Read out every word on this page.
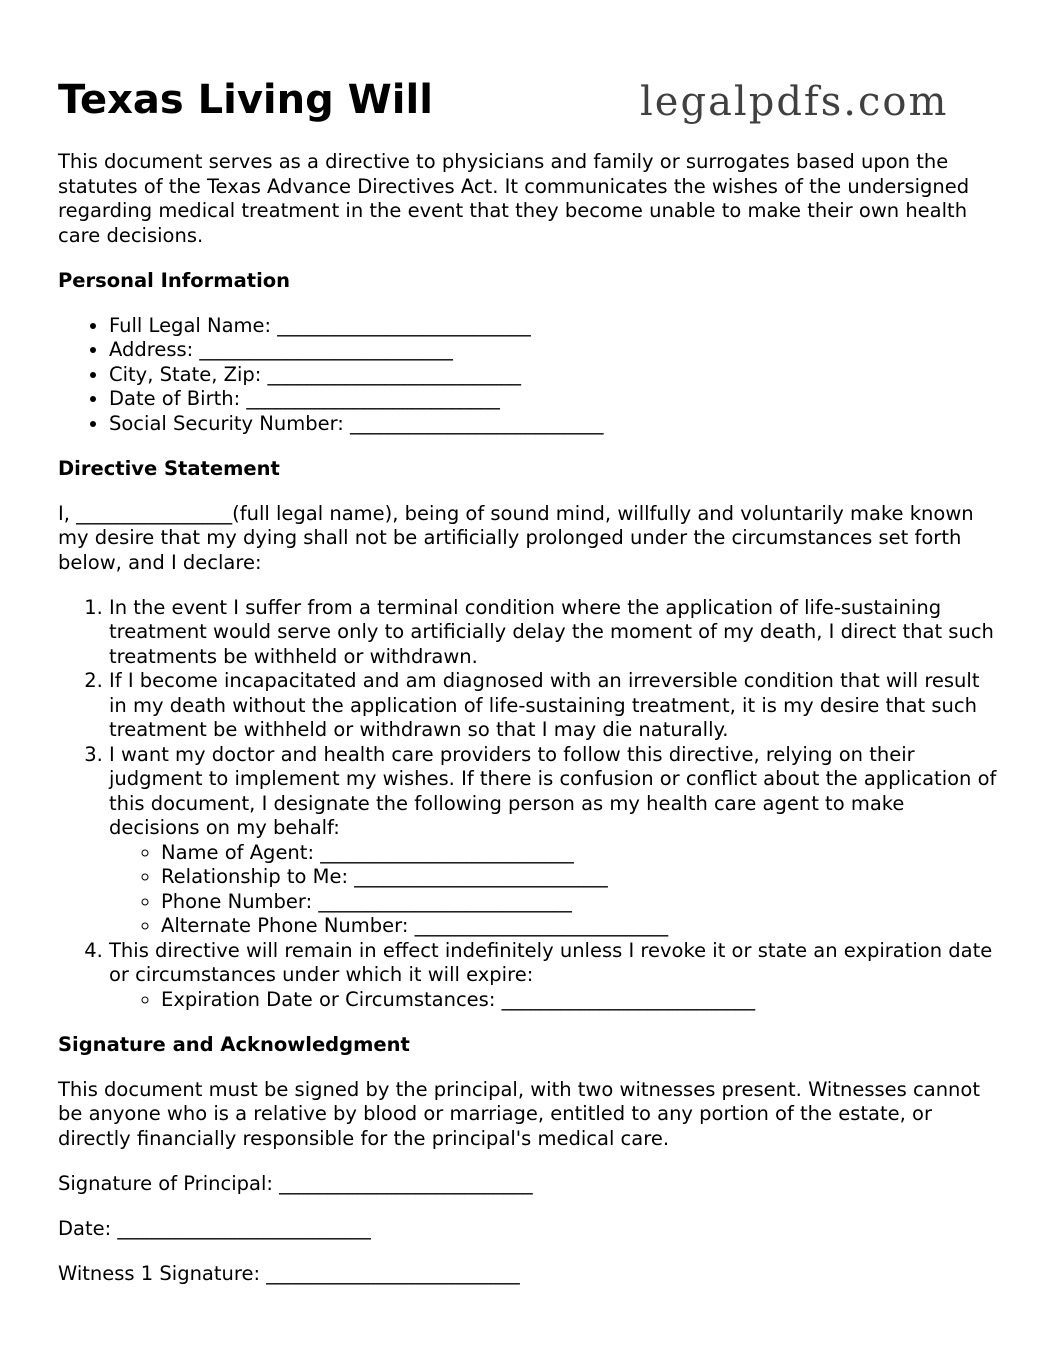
Texas Living Will

This document serves as a directive to physicians and family or surrogates based upon the statutes of the Texas Advance Directives Act. It communicates the wishes of the undersigned regarding medical treatment in the event that they become unable to make their own health care decisions.

Personal Information
• Full Legal Name: __________________________
• Address: __________________________
• City, State, Zip: __________________________
• Date of Birth: __________________________
• Social Security Number: __________________________
Directive Statement

I, ________________(full legal name), being of sound mind, willfully and voluntarily make known my desire that my dying shall not be artificially prolonged under the circumstances set forth below, and I declare:

1. In the event I suffer from a terminal condition where the application of life-sustaining treatment would serve only to artificially delay the moment of my death, I direct that such treatments be withheld or withdrawn.
2. If I become incapacitated and am diagnosed with an irreversible condition that will result in my death without the application of life-sustaining treatment, it is my desire that such treatment be withheld or withdrawn so that I may die naturally.
3. I want my doctor and health care providers to follow this directive, relying on their judgment to implement my wishes. If there is confusion or conflict about the application of this document, I designate the following person as my health care agent to make decisions on my behalf:
◦ Name of Agent: __________________________
◦ Relationship to Me: __________________________
◦ Phone Number: __________________________
◦ Alternate Phone Number: __________________________
4. This directive will remain in effect indefinitely unless I revoke it or state an expiration date or circumstances under which it will expire:
◦ Expiration Date or Circumstances: __________________________
Signature and Acknowledgment

This document must be signed by the principal, with two witnesses present. Witnesses cannot be anyone who is a relative by blood or marriage, entitled to any portion of the estate, or directly financially responsible for the principal's medical care.

Signature of Principal: __________________________

Date: __________________________

Witness 1 Signature: __________________________

legalpdfs.com
